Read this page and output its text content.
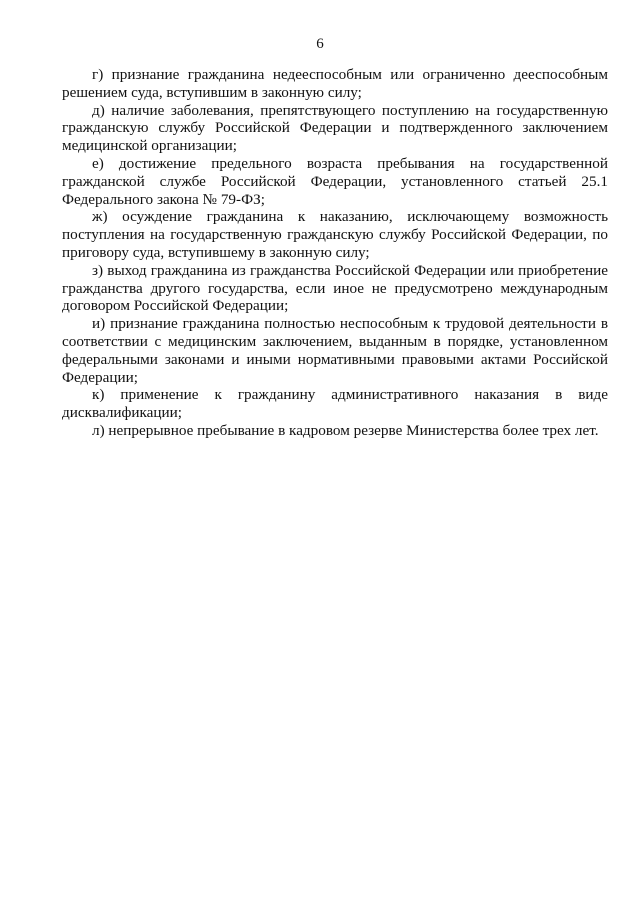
6

г) признание гражданина недееспособным или ограниченно дееспособным решением суда, вступившим в законную силу;

д) наличие заболевания, препятствующего поступлению на государственную гражданскую службу Российской Федерации и подтвержденного заключением медицинской организации;

е) достижение предельного возраста пребывания на государственной гражданской службе Российской Федерации, установленного статьей 25.1 Федерального закона № 79-ФЗ;

ж) осуждение гражданина к наказанию, исключающему возможность поступления на государственную гражданскую службу Российской Федерации, по приговору суда, вступившему в законную силу;

з) выход гражданина из гражданства Российской Федерации или приобретение гражданства другого государства, если иное не предусмотрено международным договором Российской Федерации;

и) признание гражданина полностью неспособным к трудовой деятельности в соответствии с медицинским заключением, выданным в порядке, установленном федеральными законами и иными нормативными правовыми актами Российской Федерации;

к) применение к гражданину административного наказания в виде дисквалификации;

л) непрерывное пребывание в кадровом резерве Министерства более трех лет.
